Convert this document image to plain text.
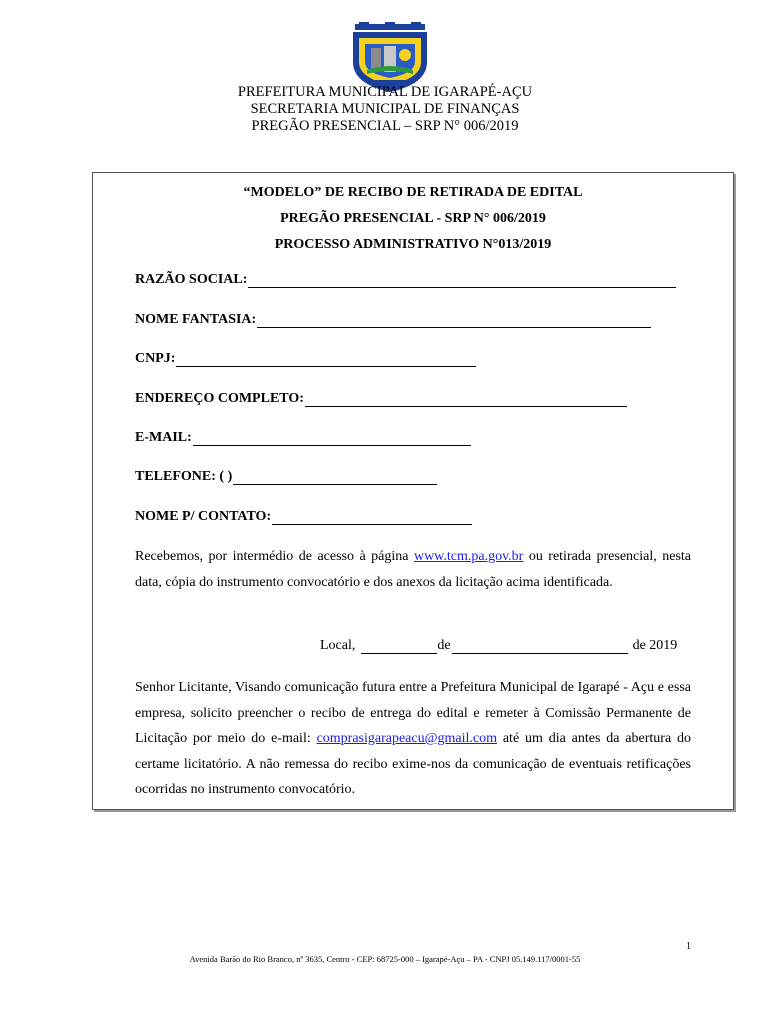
PREFEITURA MUNICIPAL DE IGARAPÉ-AÇU
SECRETARIA MUNICIPAL DE FINANÇAS
PREGÃO PRESENCIAL – SRP N° 006/2019
“MODELO” DE RECIBO DE RETIRADA DE EDITAL
PREGÃO PRESENCIAL - SRP N° 006/2019
PROCESSO ADMINISTRATIVO N°013/2019
RAZÃO SOCIAL:
NOME FANTASIA:
CNPJ:
ENDEREÇO COMPLETO:
E-MAIL:
TELEFONE: ( )
NOME P/ CONTATO:
Recebemos, por intermédio de acesso à página www.tcm.pa.gov.br ou retirada presencial, nesta data, cópia do instrumento convocatório e dos anexos da licitação acima identificada.
Local,	de	de 2019
Senhor Licitante, Visando comunicação futura entre a Prefeitura Municipal de Igarapé - Açu e essa empresa, solicito preencher o recibo de entrega do edital e remeter à Comissão Permanente de Licitação por meio do e-mail: comprasigarapeacu@gmail.com até um dia antes da abertura do certame licitatório. A não remessa do recibo exime-nos da comunicação de eventuais retificações ocorridas no instrumento convocatório.
1
Avenida Barão do Rio Branco, nº 3635, Centro - CEP: 68725-000 – Igarapé-Açu – PA - CNPJ 05.149.117/0001-55
